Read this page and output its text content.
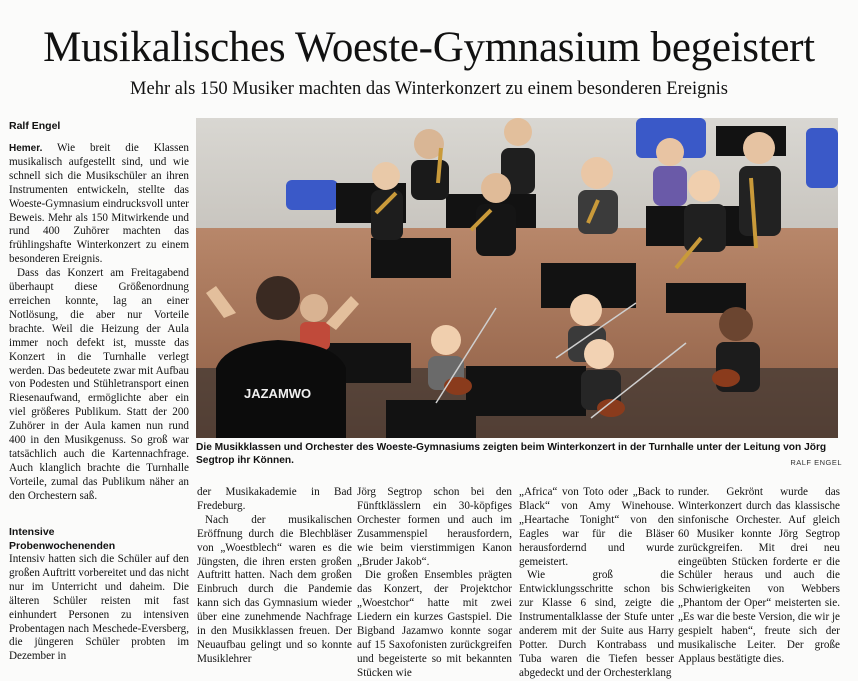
Musikalisches Woeste-Gymnasium begeistert
Mehr als 150 Musiker machten das Winterkonzert zu einem besonderen Ereignis
Ralf Engel

Hemer. Wie breit die Klassen musikalisch aufgestellt sind, und wie schnell sich die Musikschüler an ihren Instrumenten entwickeln, stellte das Woeste-Gymnasium eindrucksvoll unter Beweis. Mehr als 150 Mitwirkende und rund 400 Zuhörer machten das frühlingshafte Winterkonzert zu einem besonderen Ereignis.

Dass das Konzert am Freitagabend überhaupt diese Größenordnung erreichen konnte, lag an einer Notlösung, die aber nur Vorteile brachte. Weil die Heizung der Aula immer noch defekt ist, musste das Konzert in die Turnhalle verlegt werden. Das bedeutete zwar mit Aufbau von Podesten und Stühletransport einen Riesenaufwand, ermöglichte aber ein viel größeres Publikum. Statt der 200 Zuhörer in der Aula kamen nun rund 400 in den Musikgenuss. So groß war tatsächlich auch die Kartennachfrage. Auch klanglich brachte die Turnhalle Vorteile, zumal das Publikum näher an den Orchestern saß.

Intensive Probenwochenenden

Intensiv hatten sich die Schüler auf den großen Auftritt vorbereitet und das nicht nur im Unterricht und daheim. Die älteren Schüler reisten mit fast einhundert Personen zu intensiven Probentagen nach Meschede-Eversberg, die jüngeren Schüler probten im Dezember in

JAZAMWO
Die Musikklassen und Orchester des Woeste-Gymnasiums zeigten beim Winterkonzert in der Turnhalle unter der Leitung von Jörg Segtrop ihr Können.	RALF ENGEL

der Musikakademie in Bad Fredeburg.

Nach der musikalischen Eröffnung durch die Blechbläser von „Woestblech“ waren es die Jüngsten, die ihren ersten großen Auftritt hatten. Nach dem großen Einbruch durch die Pandemie kann sich das Gymnasium wieder über eine zunehmende Nachfrage in den Musikklassen freuen. Der Neuaufbau gelingt und so konnte Musiklehrer

Jörg Segtrop schon bei den Fünftklässlern ein 30-köpfiges Orchester formen und auch im Zusammenspiel herausfordern, wie beim vierstimmigen Kanon „Bruder Jakob“.

Die großen Ensembles prägten das Konzert, der Projektchor „Woestchor“ hatte mit zwei Liedern ein kurzes Gastspiel. Die Bigband Jazamwo konnte sogar auf 15 Saxofonisten zurückgreifen und begeisterte so mit bekannten Stücken wie

„Africa“ von Toto oder „Back to Black“ von Amy Winehouse. „Heartache Tonight“ von den Eagles war für die Bläser herausfordernd und wurde gemeistert.

Wie groß die Entwicklungsschritte schon bis zur Klasse 6 sind, zeigte die Instrumentalklasse der Stufe unter anderem mit der Suite aus Harry Potter. Durch Kontrabass und Tuba waren die Tiefen besser abgedeckt und der Orchesterklang

runder. Gekrönt wurde das Winterkonzert durch das klassische sinfonische Orchester. Auf gleich 60 Musiker konnte Jörg Segtrop zurückgreifen. Mit drei neu eingeübten Stücken forderte er die Schüler heraus und auch die Schwierigkeiten von Webbers „Phantom der Oper“ meisterten sie. „Es war die beste Version, die wir je gespielt haben“, freute sich der musikalische Leiter. Der große Applaus bestätigte dies.
